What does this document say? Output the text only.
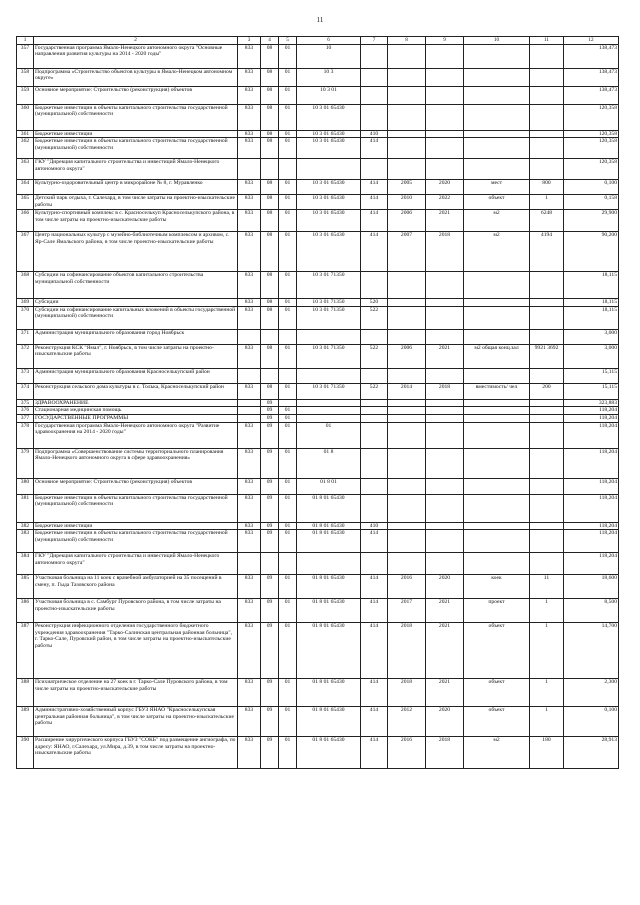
11
1	2	3	4	5	6	7	8	9	10	11	12
357	Государственная программа Ямало-Ненецкого автономного округа "Основные направления развития культуры на 2014 - 2020 годы"	833	08	01	10						138,473
358	Подпрограмма «Строительство объектов культуры в Ямало-Ненецком автономном округе»	833	08	01	10 3						138,473
359	Основное мероприятие: Строительство (реконструкция) объектов	833	08	01	10 3 01						138,473
360	Бюджетные инвестиции в объекты капитального строительства государственной (муниципальной) собственности	833	08	01	10 3 01 65430						120,358
361	Бюджетные инвестиции	833	08	01	10 3 01 65430	410					120,358
362	Бюджетные инвестиции в объекты капитального строительства государственной (муниципальной) собственности	833	08	01	10 3 01 65430	414					120,358
363	ГКУ "Дирекция капитального строительства и инвестиций Ямало-Ненецкого автономного округа"										120,358
364	Культурно-оздоровительный центр в микрорайоне № 8, г. Муравленко	833	08	01	10 3 01 65430	414	2005	2020	мест	800	0,100
365	Детский парк отдыха, г. Салехард, в том числе затраты на проектно-изыскательские работы	833	08	01	10 3 01 65430	414	2010	2022	объект	1	0,158
366	Культурно-спортивный комплекс в с. Красноселькуп Красноселькупского района, в том числе затраты на проектно-изыскательские работы	833	08	01	10 3 01 65430	414	2006	2021	м2	6248	29,900
367	Центр национальных культур с музейно-библиотечным комплексом и архивом, с. Яр-Сале Ямальского района, в том числе проектно-изыскательские работы	833	08	01	10 3 01 65430	414	2007	2018	м2	4194	90,200
368	Субсидии на софинансирование объектов капитального строительства муниципальной собственности	833	08	01	10 3 01 71350						18,115
369	Субсидии	833	08	01	10 3 01 71350	520					18,115
370	Субсидии на софинансирование капитальных вложений в объекты государственной (муниципальной) собственности	833	08	01	10 3 01 71350	522					18,115
371	Администрация муниципального образования город Ноябрьск										3,000
372	Реконструкция КСК "Ямал", г. Ноябрьск, в том числе затраты на проектно-изыскательские работы	833	08	01	10 3 01 71350	522	2006	2021	м2 общая конц.зал	9921 3692	3,000
373	Администрация муниципального образования Красноселькупский район										15,115
374	Реконструкция сельского дома культуры в с. Толька, Красноселькупский район	833	08	01	10 3 01 71350	522	2014	2018	вместимость/ чел	200	15,115
375	ЗДРАВООХРАНЕНИЕ		09								323,883
376	Стационарная медицинская помощь		09	01							118,204
377	ГОСУДАРСТВЕННЫЕ ПРОГРАММЫ		09	01							118,204
378	Государственная программа Ямало-Ненецкого автономного округа "Развитие здравоохранения на 2014 - 2020 годы"	833	09	01	01						118,204
379	Подпрограмма «Совершенствование системы территориального планирования Ямало-Ненецкого автономного округа в сфере здравоохранения»	833	09	01	01 8						118,204
380	Основное мероприятие: Строительство (реконструкция) объектов	833	09	01	01 8 01						118,204
381	Бюджетные инвестиции в объекты капитального строительства государственной (муниципальной) собственности	833	09	01	01 8 01 65430						118,204
382	Бюджетные инвестиции	833	09	01	01 8 01 65430	410					118,204
383	Бюджетные инвестиции в объекты капитального строительства государственной (муниципальной) собственности	833	09	01	01 8 01 65430	414					118,204
384	ГКУ "Дирекция капитального строительства и инвестиций Ямало-Ненецкого автономного округа"										118,204
385	Участковая больница на 11 коек с врачебной амбулаторией на 35 посещений в смену, п. Гыда Тазовского района	833	09	01	01 8 01 65430	414	2016	2020	коек	11	18,600
386	Участковая больница в с. Самбург Пуровского района, в том числе затраты на проектно-изыскательские работы	833	09	01	01 8 01 65430	414	2017	2021	проект	1	8,500
387	Реконструкция инфекционного отделения государственного бюджетного учреждения здравоохранения "Тарко-Салинская центральная районная больница", г. Тарко-Сале, Пуровский район, в том числе затраты на проектно-изыскательские работы	833	09	01	01 8 01 65430	414	2018	2021	объект	1	14,700
388	Психиатрическое отделение на 27 коек в г. Тарко-Сале Пуровского района, в том числе затраты на проектно-изыскательские работы	833	09	01	01 8 01 65430	414	2018	2021	объект	1	2,300
389	Административно-хозяйственный корпус ГБУЗ ЯНАО "Красноселькупская центральная районная больница", в том числе затраты на проектно-изыскательские работы	833	09	01	01 8 01 65430	414	2012	2020	объект	1	0,100
390	Расширение хирургического корпуса ГБУЗ "СОКБ" под размещение ангиографа, по адресу: ЯНАО, г.Салехард, ул.Мира, д.39, в том числе затраты на проектно-изыскательские работы	833	09	01	01 8 01 65430	414	2016	2018	м2	180	28,913
